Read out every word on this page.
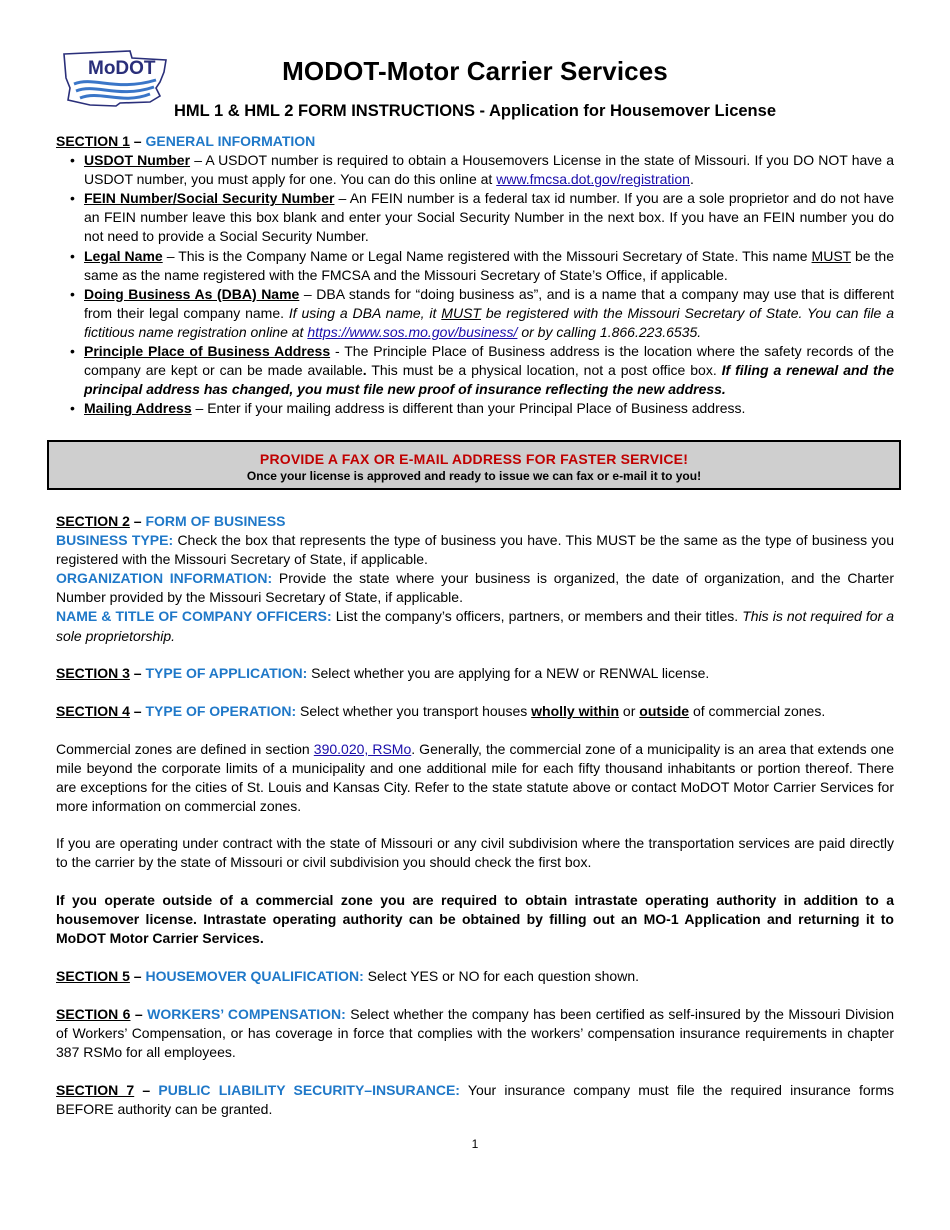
MoDOT	MODOT-Motor Carrier Services
HML 1 & HML 2 FORM INSTRUCTIONS - Application for Housemover License
SECTION 1 – GENERAL INFORMATION
• USDOT Number – A USDOT number is required to obtain a Housemovers License in the state of Missouri. If you DO NOT have a USDOT number, you must apply for one. You can do this online at www.fmcsa.dot.gov/registration.
• FEIN Number/Social Security Number – An FEIN number is a federal tax id number. If you are a sole proprietor and do not have an FEIN number leave this box blank and enter your Social Security Number in the next box. If you have an FEIN number you do not need to provide a Social Security Number.
• Legal Name – This is the Company Name or Legal Name registered with the Missouri Secretary of State. This name MUST be the same as the name registered with the FMCSA and the Missouri Secretary of State’s Office, if applicable.
• Doing Business As (DBA) Name – DBA stands for “doing business as”, and is a name that a company may use that is different from their legal company name. If using a DBA name, it MUST be registered with the Missouri Secretary of State. You can file a fictitious name registration online at https://www.sos.mo.gov/business/ or by calling 1.866.223.6535.
• Principle Place of Business Address - The Principle Place of Business address is the location where the safety records of the company are kept or can be made available. This must be a physical location, not a post office box. If filing a renewal and the principal address has changed, you must file new proof of insurance reflecting the new address.
• Mailing Address – Enter if your mailing address is different than your Principal Place of Business address.
PROVIDE A FAX OR E-MAIL ADDRESS FOR FASTER SERVICE!
Once your license is approved and ready to issue we can fax or e-mail it to you!
SECTION 2 – FORM OF BUSINESS
BUSINESS TYPE: Check the box that represents the type of business you have. This MUST be the same as the type of business you registered with the Missouri Secretary of State, if applicable.
ORGANIZATION INFORMATION: Provide the state where your business is organized, the date of organization, and the Charter Number provided by the Missouri Secretary of State, if applicable.
NAME & TITLE OF COMPANY OFFICERS: List the company’s officers, partners, or members and their titles. This is not required for a sole proprietorship.
SECTION 3 – TYPE OF APPLICATION: Select whether you are applying for a NEW or RENWAL license.
SECTION 4 – TYPE OF OPERATION: Select whether you transport houses wholly within or outside of commercial zones.
Commercial zones are defined in section 390.020, RSMo. Generally, the commercial zone of a municipality is an area that extends one mile beyond the corporate limits of a municipality and one additional mile for each fifty thousand inhabitants or portion thereof. There are exceptions for the cities of St. Louis and Kansas City. Refer to the state statute above or contact MoDOT Motor Carrier Services for more information on commercial zones.
If you are operating under contract with the state of Missouri or any civil subdivision where the transportation services are paid directly to the carrier by the state of Missouri or civil subdivision you should check the first box.
If you operate outside of a commercial zone you are required to obtain intrastate operating authority in addition to a housemover license. Intrastate operating authority can be obtained by filling out an MO-1 Application and returning it to MoDOT Motor Carrier Services.
SECTION 5 – HOUSEMOVER QUALIFICATION: Select YES or NO for each question shown.
SECTION 6 – WORKERS’ COMPENSATION: Select whether the company has been certified as self-insured by the Missouri Division of Workers’ Compensation, or has coverage in force that complies with the workers’ compensation insurance requirements in chapter 387 RSMo for all employees.
SECTION 7 – PUBLIC LIABILITY SECURITY–INSURANCE: Your insurance company must file the required insurance forms BEFORE authority can be granted.
1
